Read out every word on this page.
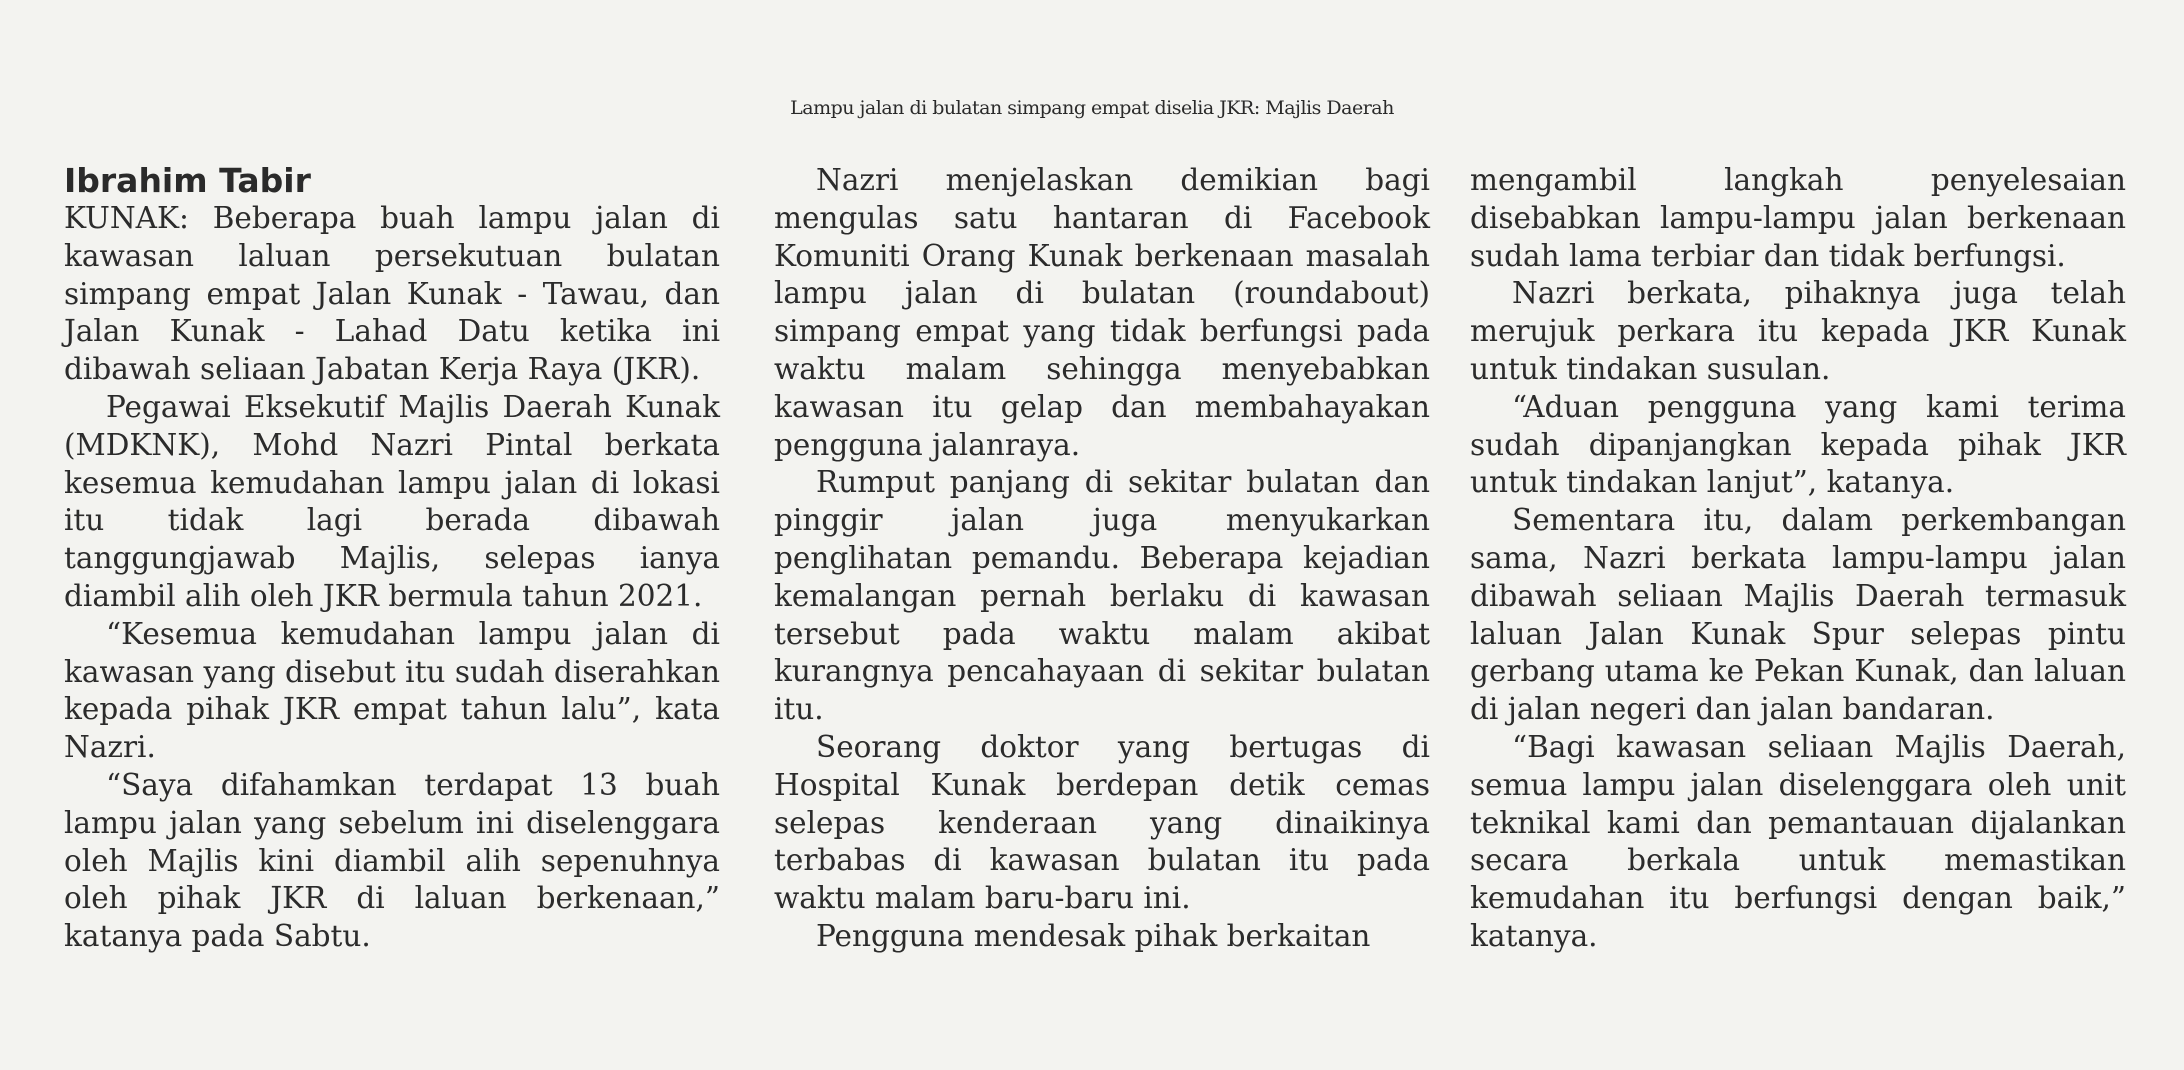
Lampu jalan di bulatan simpang empat diselia JKR: Majlis Daerah
Ibrahim Tabir

KUNAK: Beberapa buah lampu jalan di kawasan laluan persekutuan bulatan simpang empat Jalan Kunak - Tawau, dan Jalan Kunak - Lahad Datu ketika ini dibawah seliaan Jabatan Kerja Raya (JKR).

Pegawai Eksekutif Majlis Daerah Kunak (MDKNK), Mohd Nazri Pintal berkata kesemua kemudahan lampu jalan di lokasi itu tidak lagi berada dibawah tanggungjawab Majlis, selepas ianya diambil alih oleh JKR bermula tahun 2021.

“Kesemua kemudahan lampu jalan di kawasan yang disebut itu sudah diserahkan kepada pihak JKR empat tahun lalu”, kata Nazri.

“Saya difahamkan terdapat 13 buah lampu jalan yang sebelum ini diselenggara oleh Majlis kini diambil alih sepenuhnya oleh pihak JKR di laluan berkenaan,” katanya pada Sabtu.

Nazri menjelaskan demikian bagi mengulas satu hantaran di Facebook Komuniti Orang Kunak berkenaan masalah lampu jalan di bulatan (roundabout) simpang empat yang tidak berfungsi pada waktu malam sehingga menyebabkan kawasan itu gelap dan membahayakan pengguna jalanraya.

Rumput panjang di sekitar bulatan dan pinggir jalan juga menyukarkan penglihatan pemandu. Beberapa kejadian kemalangan pernah berlaku di kawasan tersebut pada waktu malam akibat kurangnya pencahayaan di sekitar bulatan itu.

Seorang doktor yang bertugas di Hospital Kunak berdepan detik cemas selepas kenderaan yang dinaikinya terbabas di kawasan bulatan itu pada waktu malam baru-baru ini.

Pengguna mendesak pihak berkaitan

mengambil langkah penyelesaian disebabkan lampu-lampu jalan berkenaan sudah lama terbiar dan tidak berfungsi.

Nazri berkata, pihaknya juga telah merujuk perkara itu kepada JKR Kunak untuk tindakan susulan.

“Aduan pengguna yang kami terima sudah dipanjangkan kepada pihak JKR untuk tindakan lanjut”, katanya.

Sementara itu, dalam perkembangan sama, Nazri berkata lampu-lampu jalan dibawah seliaan Majlis Daerah termasuk laluan Jalan Kunak Spur selepas pintu gerbang utama ke Pekan Kunak, dan laluan di jalan negeri dan jalan bandaran.

“Bagi kawasan seliaan Majlis Daerah, semua lampu jalan diselenggara oleh unit teknikal kami dan pemantauan dijalankan secara berkala untuk memastikan kemudahan itu berfungsi dengan baik,” katanya.
